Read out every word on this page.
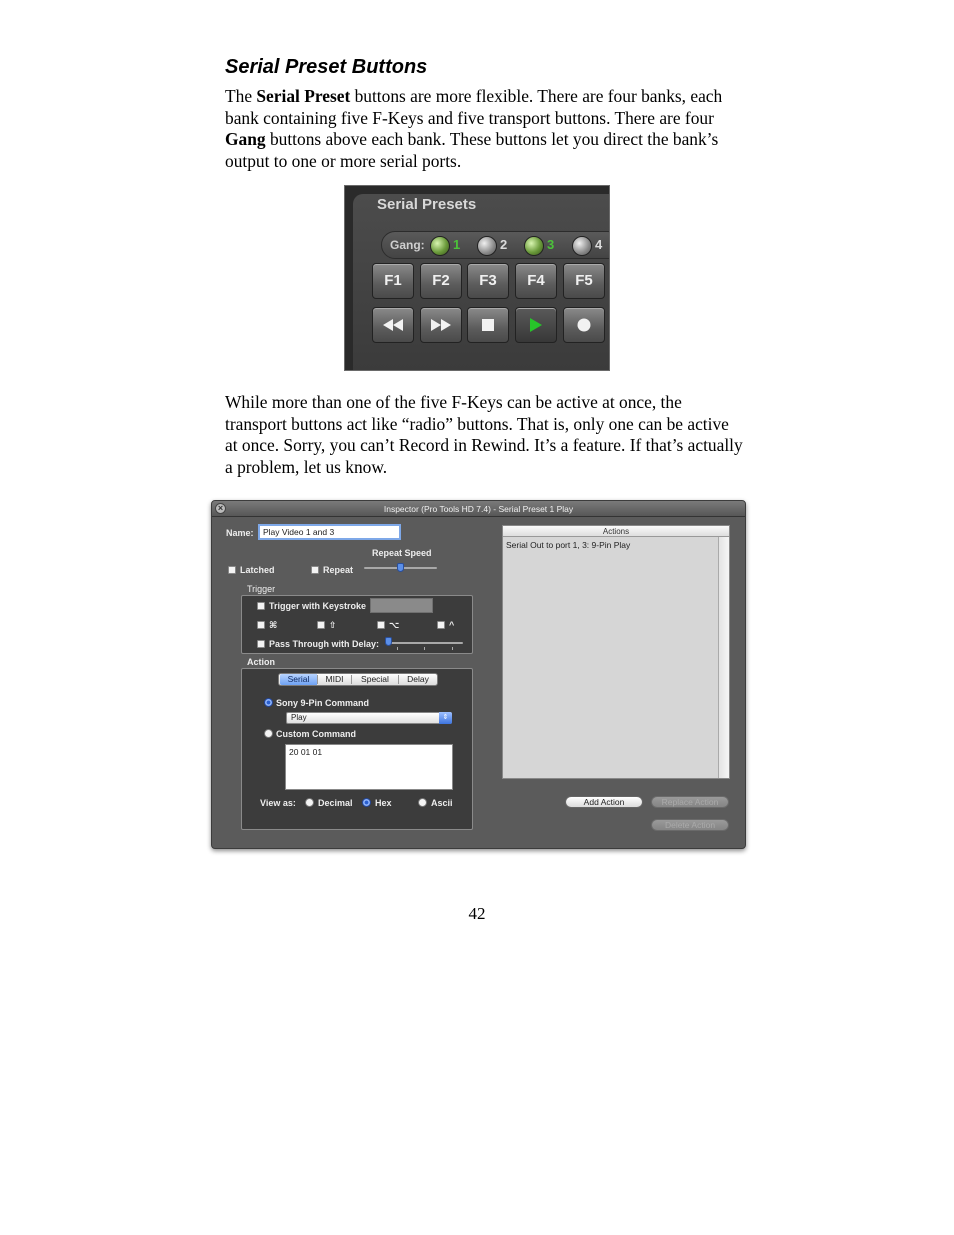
Serial Preset Buttons

The Serial Preset buttons are more flexible. There are four banks, each bank containing five F-Keys and five transport buttons. There are four Gang buttons above each bank. These buttons let you direct the bank’s output to one or more serial ports.

Serial Presets
Gang: 1	2	3	4
F1	F2	F3	F4	F5

While more than one of the five F-Keys can be active at once, the transport buttons act like “radio” buttons. That is, only one can be active at once. Sorry, you can’t Record in Rewind. It’s a feature. If that’s actually a problem, let us know.

×	Inspector (Pro Tools HD 7.4) - Serial Preset 1 Play
Name:	Play Video 1 and 3
Repeat Speed
Latched	Repeat
Trigger
Trigger with Keystroke
⌘	⇧	⌥	^
Pass Through with Delay:
Action
Serial	MIDI	Special	Delay
Sony 9-Pin Command
Play	⇕
Custom Command
20 01 01
View as: Decimal Hex	Ascii
Actions
Serial Out to port 1, 3: 9-Pin Play
Add Action	Replace Action
Delete Action
42
